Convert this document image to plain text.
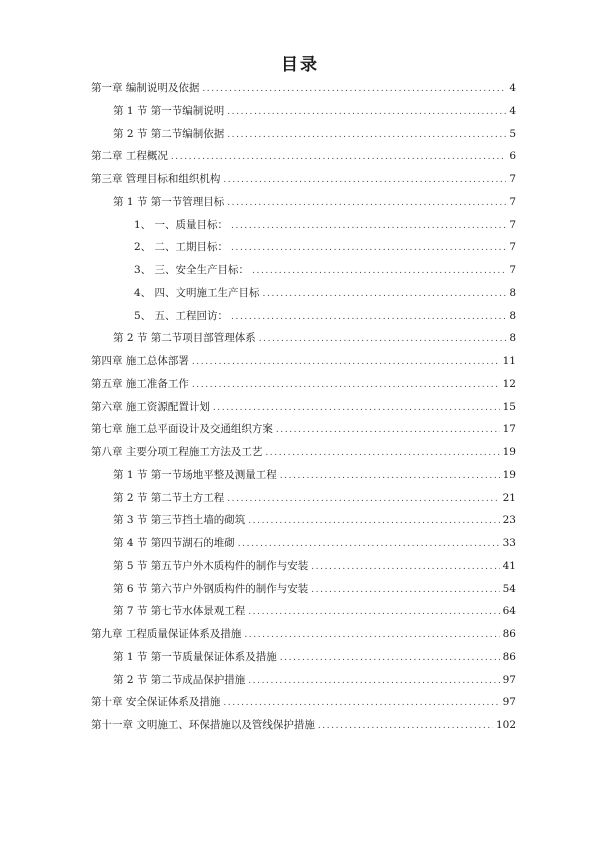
目录
第一章 编制说明及依据 .....	4
第 1 节 第一节编制说明 .....	4
第 2 节 第二节编制依据 .....	5
第二章 工程概况 .....	6
第三章 管理目标和组织机构 .....	7
第 1 节 第一节管理目标 .....	7
1、 一、质量目标： .....	7
2、 二、工期目标： .....	7
3、 三、安全生产目标： .....	7
4、 四、文明施工生产目标 .....	8
5、 五、工程回访： .....	8
第 2 节 第二节项目部管理体系 .....	8
第四章 施工总体部署 .....	11
第五章 施工准备工作 .....	12
第六章 施工资源配置计划 .....	15
第七章 施工总平面设计及交通组织方案 .....	17
第八章 主要分项工程施工方法及工艺 .....	19
第 1 节 第一节场地平整及测量工程 .....	19
第 2 节 第二节土方工程 .....	21
第 3 节 第三节挡土墙的砌筑 .....	23
第 4 节 第四节湖石的堆砌 .....	33
第 5 节 第五节户外木质构件的制作与安装 .....	41
第 6 节 第六节户外钢质构件的制作与安装 .....	54
第 7 节 第七节水体景观工程 .....	64
第九章 工程质量保证体系及措施 .....	86
第 1 节 第一节质量保证体系及措施 .....	86
第 2 节 第二节成品保护措施 .....	97
第十章 安全保证体系及措施 .....	97
第十一章 文明施工、环保措施以及管线保护措施 .....	102
